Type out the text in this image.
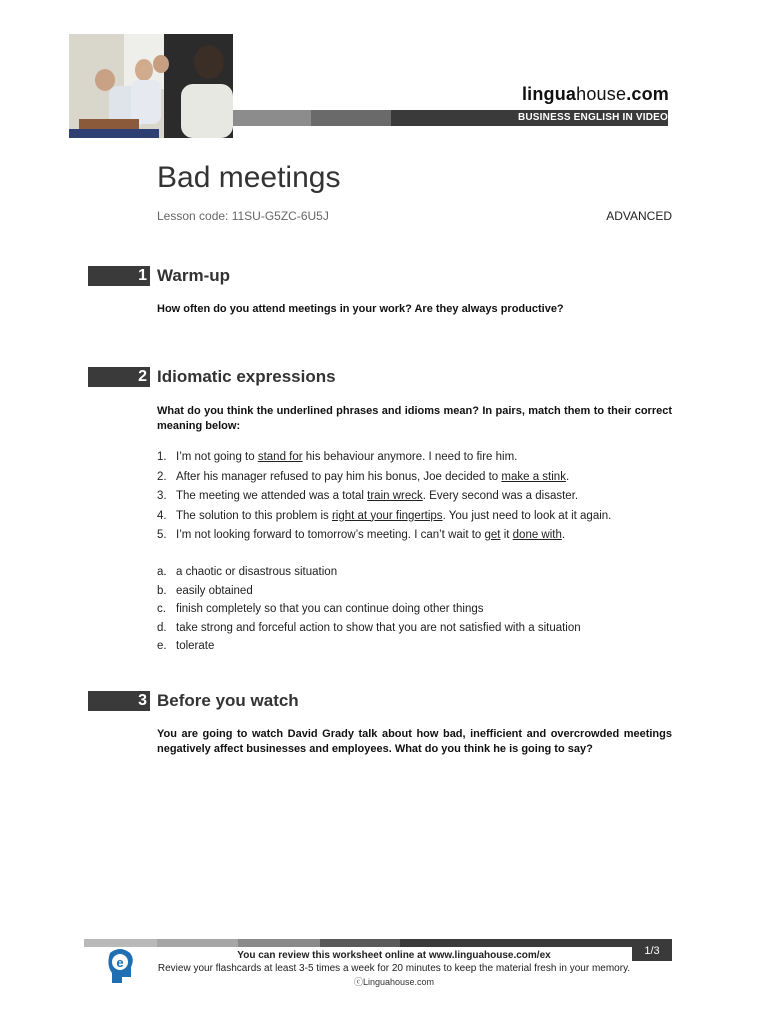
linguahouse.com
BUSINESS ENGLISH IN VIDEO
Bad meetings
Lesson code: 11SU-G5ZC-6U5J	ADVANCED
1 Warm-up
How often do you attend meetings in your work? Are they always productive?
2 Idiomatic expressions
What do you think the underlined phrases and idioms mean? In pairs, match them to their correct meaning below:
1. I’m not going to stand for his behaviour anymore. I need to fire him.
2. After his manager refused to pay him his bonus, Joe decided to make a stink.
3. The meeting we attended was a total train wreck. Every second was a disaster.
4. The solution to this problem is right at your fingertips. You just need to look at it again.
5. I’m not looking forward to tomorrow’s meeting. I can’t wait to get it done with.
a. a chaotic or disastrous situation
b. easily obtained
c. finish completely so that you can continue doing other things
d. take strong and forceful action to show that you are not satisfied with a situation
e. tolerate
3 Before you watch
You are going to watch David Grady talk about how bad, inefficient and overcrowded meetings negatively affect businesses and employees. What do you think he is going to say?
1/3
e	You can review this worksheet online at www.linguahouse.com/ex
Review your flashcards at least 3-5 times a week for 20 minutes to keep the material fresh in your memory.
ⓒLinguahouse.com
